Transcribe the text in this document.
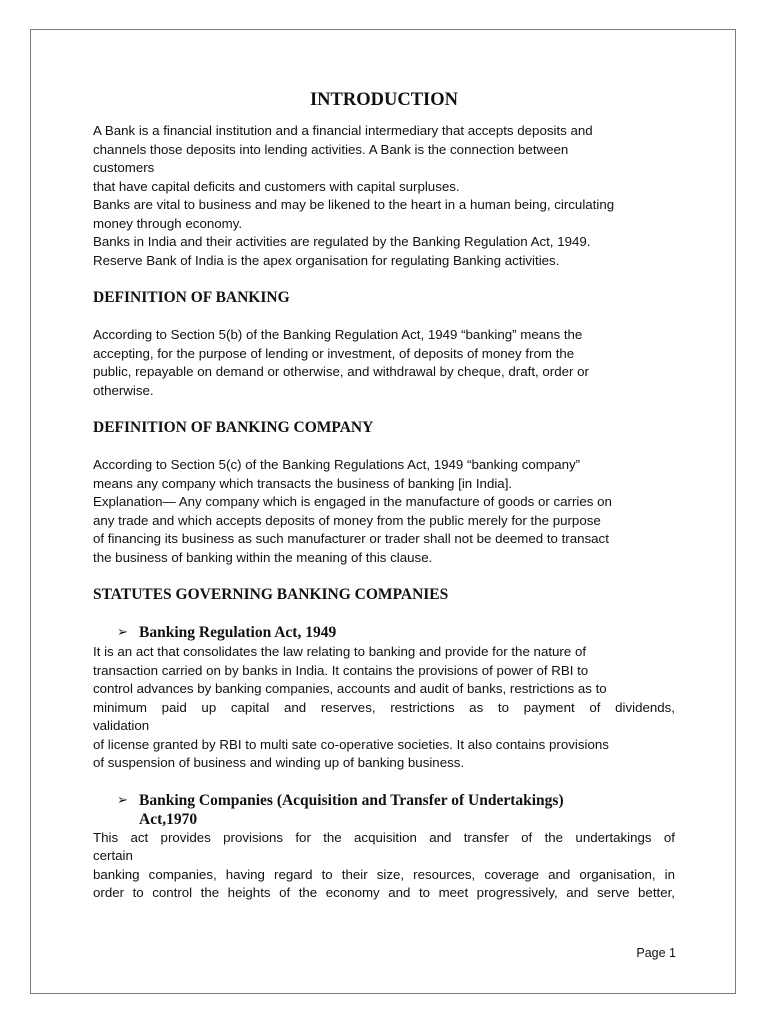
INTRODUCTION
A Bank is a financial institution and a financial intermediary that accepts deposits and
channels those deposits into lending activities. A Bank is the connection between
customers
that have capital deficits and customers with capital surpluses.
Banks are vital to business and may be likened to the heart in a human being, circulating
money through economy.
Banks in India and their activities are regulated by the Banking Regulation Act, 1949.
Reserve Bank of India is the apex organisation for regulating Banking activities.
DEFINITION OF BANKING
According to Section 5(b) of the Banking Regulation Act, 1949 “banking” means the
accepting, for the purpose of lending or investment, of deposits of money from the
public, repayable on demand or otherwise, and withdrawal by cheque, draft, order or
otherwise.
DEFINITION OF BANKING COMPANY
According to Section 5(c) of the Banking Regulations Act, 1949 “banking company”
means any company which transacts the business of banking [in India].
Explanation— Any company which is engaged in the manufacture of goods or carries on
any trade and which accepts deposits of money from the public merely for the purpose
of financing its business as such manufacturer or trader shall not be deemed to transact
the business of banking within the meaning of this clause.
STATUTES GOVERNING BANKING COMPANIES
➢ Banking Regulation Act, 1949
It is an act that consolidates the law relating to banking and provide for the nature of
transaction carried on by banks in India. It contains the provisions of power of RBI to
control advances by banking companies, accounts and audit of banks, restrictions as to
minimum paid up capital and reserves, restrictions as to payment of dividends,
validation
of license granted by RBI to multi sate co-operative societies. It also contains provisions
of suspension of business and winding up of banking business.
➢ Banking Companies (Acquisition and Transfer of Undertakings)
Act,1970
This act provides provisions for the acquisition and transfer of the undertakings of
certain
banking companies, having regard to their size, resources, coverage and organisation, in
order to control the heights of the economy and to meet progressively, and serve better,
Page 1
